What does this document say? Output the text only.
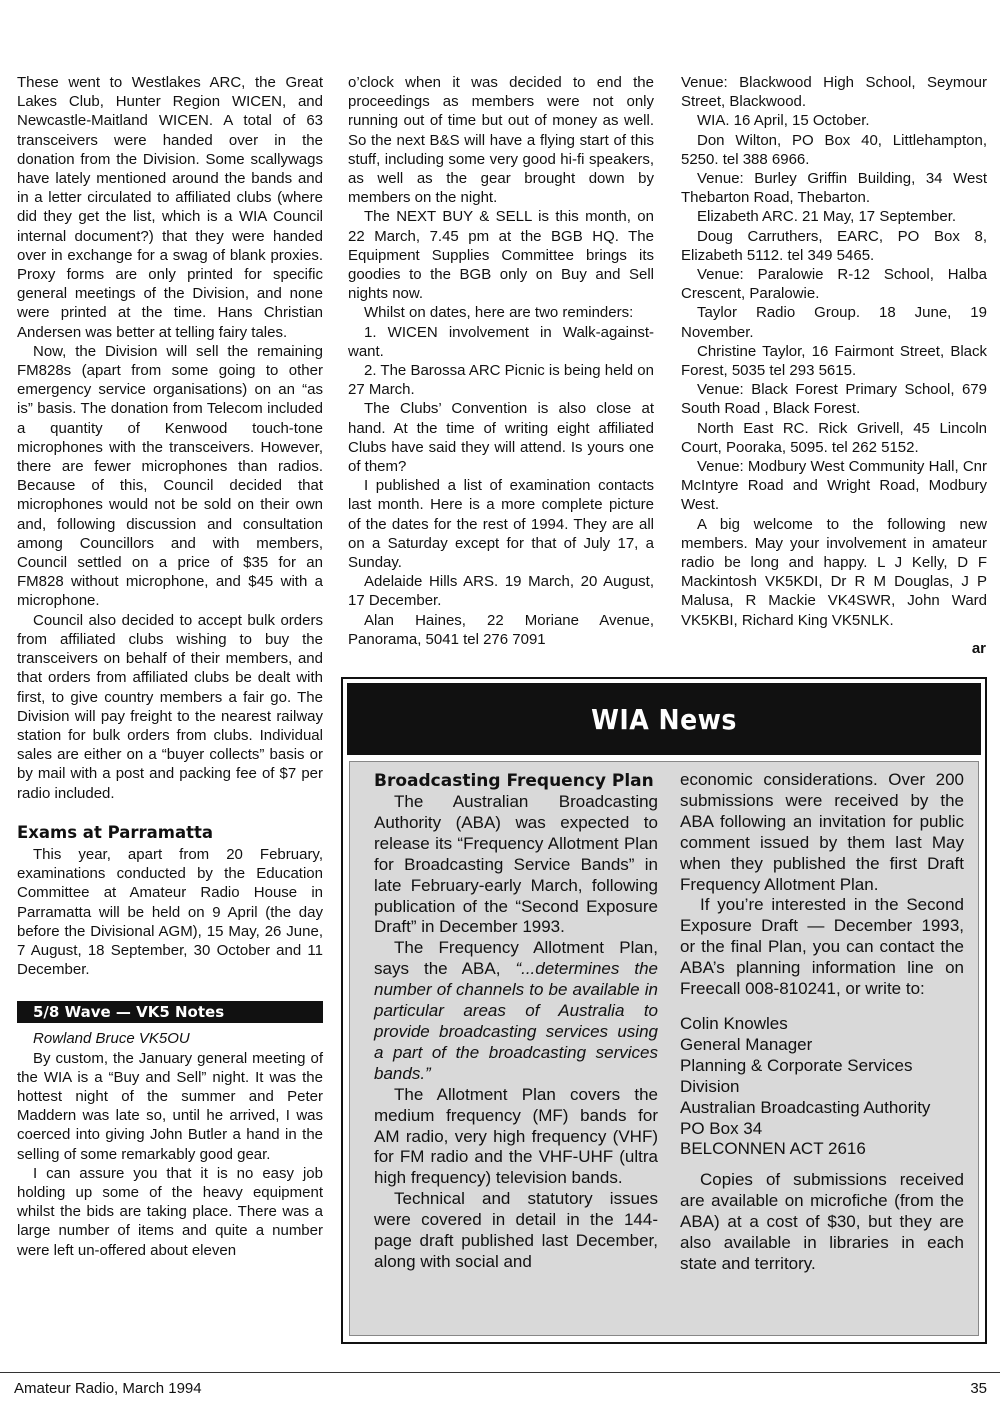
These went to Westlakes ARC, the Great Lakes Club, Hunter Region WICEN, and Newcastle-Maitland WICEN. A total of 63 transceivers were handed over in the donation from the Division. Some scallywags have lately mentioned around the bands and in a letter circulated to affiliated clubs (where did they get the list, which is a WIA Council internal document?) that they were handed over in exchange for a swag of blank proxies. Proxy forms are only printed for specific general meetings of the Division, and none were printed at the time. Hans Christian Andersen was better at telling fairy tales.

Now, the Division will sell the remaining FM828s (apart from some going to other emergency service organisations) on an “as is” basis. The donation from Telecom included a quantity of Kenwood touch-tone microphones with the transceivers. However, there are fewer microphones than radios. Because of this, Council decided that microphones would not be sold on their own and, following discussion and consultation among Councillors and with members, Council settled on a price of $35 for an FM828 without microphone, and $45 with a microphone.

Council also decided to accept bulk orders from affiliated clubs wishing to buy the transceivers on behalf of their members, and that orders from affiliated clubs be dealt with first, to give country members a fair go. The Division will pay freight to the nearest railway station for bulk orders from clubs. Individual sales are either on a “buyer collects” basis or by mail with a post and packing fee of $7 per radio included.

Exams at Parramatta

This year, apart from 20 February, examinations conducted by the Education Committee at Amateur Radio House in Parramatta will be held on 9 April (the day before the Divisional AGM), 15 May, 26 June, 7 August, 18 September, 30 October and 11 December.

5/8 Wave — VK5 Notes

Rowland Bruce VK5OU

By custom, the January general meeting of the WIA is a “Buy and Sell” night. It was the hottest night of the summer and Peter Maddern was late so, until he arrived, I was coerced into giving John Butler a hand in the selling of some remarkably good gear.

I can assure you that it is no easy job holding up some of the heavy equipment whilst the bids are taking place. There was a large number of items and quite a number were left un-offered about eleven

o’clock when it was decided to end the proceedings as members were not only running out of time but out of money as well. So the next B&S will have a flying start of this stuff, including some very good hi-fi speakers, as well as the gear brought down by members on the night.

The NEXT BUY & SELL is this month, on 22 March, 7.45 pm at the BGB HQ. The Equipment Supplies Committee brings its goodies to the BGB only on Buy and Sell nights now.

Whilst on dates, here are two reminders:

1. WICEN involvement in Walk-against-want.

2. The Barossa ARC Picnic is being held on 27 March.

The Clubs’ Convention is also close at hand. At the time of writing eight affiliated Clubs have said they will attend. Is yours one of them?

I published a list of examination contacts last month. Here is a more complete picture of the dates for the rest of 1994. They are all on a Saturday except for that of July 17, a Sunday.

Adelaide Hills ARS. 19 March, 20 August, 17 December.

Alan Haines, 22 Moriane Avenue, Panorama, 5041 tel 276 7091

Venue: Blackwood High School, Seymour Street, Blackwood.

WIA. 16 April, 15 October.

Don Wilton, PO Box 40, Littlehampton, 5250. tel 388 6966.

Venue: Burley Griffin Building, 34 West Thebarton Road, Thebarton.

Elizabeth ARC. 21 May, 17 September.

Doug Carruthers, EARC, PO Box 8, Elizabeth 5112. tel 349 5465.

Venue: Paralowie R-12 School, Halba Crescent, Paralowie.

Taylor Radio Group. 18 June, 19 November.

Christine Taylor, 16 Fairmont Street, Black Forest, 5035 tel 293 5615.

Venue: Black Forest Primary School, 679 South Road , Black Forest.

North East RC. Rick Grivell, 45 Lincoln Court, Pooraka, 5095. tel 262 5152.

Venue: Modbury West Community Hall, Cnr McIntyre Road and Wright Road, Modbury West.

A big welcome to the following new members. May your involvement in amateur radio be long and happy. L J Kelly, D F Mackintosh VK5KDI, Dr R M Douglas, J P Malusa, R Mackie VK4SWR, John Ward VK5KBI, Richard King VK5NLK.

ar
WIA News

Broadcasting Frequency Plan

The Australian Broadcasting Authority (ABA) was expected to release its “Frequency Allotment Plan for Broadcasting Service Bands” in late February-early March, following publication of the “Second Exposure Draft” in December 1993.

The Frequency Allotment Plan, says the ABA, “...determines the number of channels to be available in particular areas of Australia to provide broadcasting services using a part of the broadcasting services bands.”

The Allotment Plan covers the medium frequency (MF) bands for AM radio, very high frequency (VHF) for FM radio and the VHF-UHF (ultra high frequency) television bands.

Technical and statutory issues were covered in detail in the 144-page draft published last December, along with social and

economic considerations. Over 200 submissions were received by the ABA following an invitation for public comment issued by them last May when they published the first Draft Frequency Allotment Plan.

If you’re interested in the Second Exposure Draft — December 1993, or the final Plan, you can contact the ABA’s planning information line on Freecall 008-810241, or write to:

Colin Knowles
General Manager
Planning & Corporate Services Division
Australian Broadcasting Authority
PO Box 34
BELCONNEN ACT 2616

Copies of submissions received are available on microfiche (from the ABA) at a cost of $30, but they are also available in libraries in each state and territory.

Amateur Radio, March 1994	35
